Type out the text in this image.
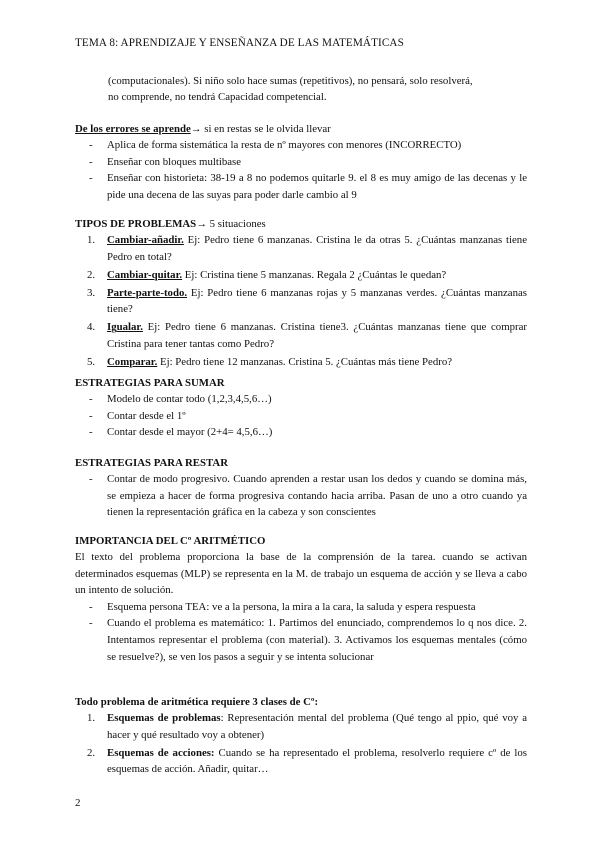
TEMA 8: APRENDIZAJE Y ENSEÑANZA DE LAS MATEMÁTICAS
(computacionales). Si niño solo hace sumas (repetitivos), no pensará, solo resolverá,
no comprende, no tendrá Capacidad competencial.
De los errores se aprende→ si en restas se le olvida llevar
- Aplica de forma sistemática la resta de nº mayores con menores (INCORRECTO)
- Enseñar con bloques multibase
- Enseñar con historieta: 38-19 a 8 no podemos quitarle 9. el 8 es muy amigo de las decenas y le pide una decena de las suyas para poder darle cambio al 9
TIPOS DE PROBLEMAS→ 5 situaciones
1. Cambiar-añadir. Ej: Pedro tiene 6 manzanas. Cristina le da otras 5. ¿Cuántas manzanas tiene Pedro en total?
2. Cambiar-quitar. Ej: Cristina tiene 5 manzanas. Regala 2 ¿Cuántas le quedan?
3. Parte-parte-todo. Ej: Pedro tiene 6 manzanas rojas y 5 manzanas verdes. ¿Cuántas manzanas tiene?
4. Igualar. Ej: Pedro tiene 6 manzanas. Cristina tiene3. ¿Cuántas manzanas tiene que comprar Cristina para tener tantas como Pedro?
5. Comparar. Ej: Pedro tiene 12 manzanas. Cristina 5. ¿Cuántas más tiene Pedro?
ESTRATEGIAS PARA SUMAR
- Modelo de contar todo (1,2,3,4,5,6…)
- Contar desde el 1º
- Contar desde el mayor (2+4= 4,5,6…)
ESTRATEGIAS PARA RESTAR
- Contar de modo progresivo. Cuando aprenden a restar usan los dedos y cuando se domina más, se empieza a hacer de forma progresiva contando hacia arriba. Pasan de uno a otro cuando ya tienen la representación gráfica en la cabeza y son conscientes
IMPORTANCIA DEL Cº ARITMÉTICO

El texto del problema proporciona la base de la comprensión de la tarea. cuando se activan determinados esquemas (MLP) se representa en la M. de trabajo un esquema de acción y se lleva a cabo un intento de solución.

- Esquema persona TEA: ve a la persona, la mira a la cara, la saluda y espera respuesta
- Cuando el problema es matemático: 1. Partimos del enunciado, comprendemos lo q nos dice. 2. Intentamos representar el problema (con material). 3. Activamos los esquemas mentales (cómo se resuelve?), se ven los pasos a seguir y se intenta solucionar
Todo problema de aritmética requiere 3 clases de Cº:
1. Esquemas de problemas: Representación mental del problema (Qué tengo al ppio, qué voy a hacer y qué resultado voy a obtener)
2. Esquemas de acciones: Cuando se ha representado el problema, resolverlo requiere cº de los esquemas de acción. Añadir, quitar…
2
